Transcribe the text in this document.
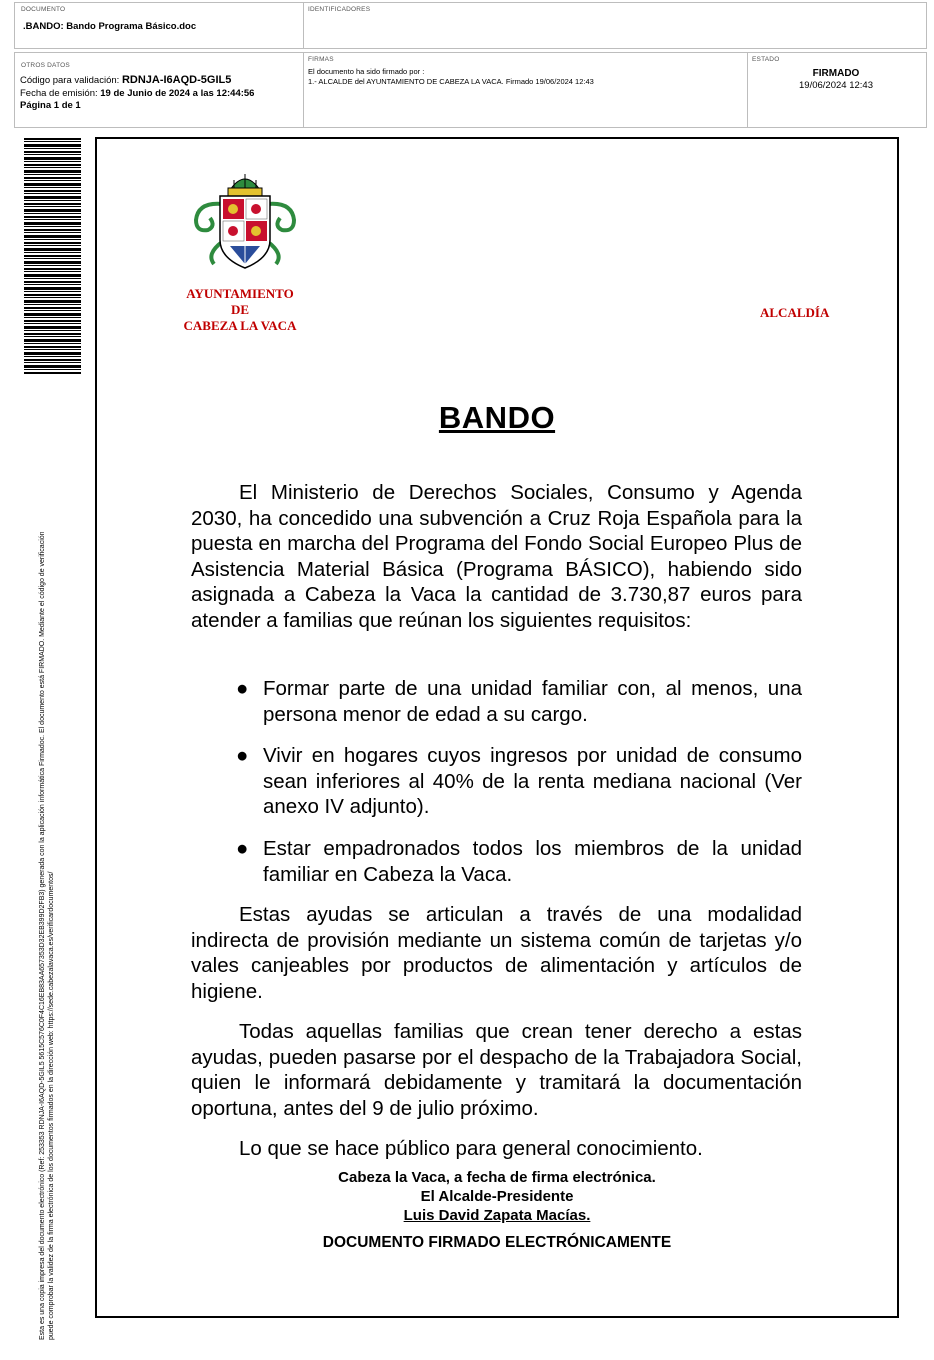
DOCUMENTO
.BANDO: Bando Programa Básico.doc
IDENTIFICADORES
OTROS DATOS
Código para validación: RDNJA-I6AQD-5GIL5
Fecha de emisión: 19 de Junio de 2024 a las 12:44:56
Página 1 de 1
FIRMAS
El documento ha sido firmado por :
1.- ALCALDE del AYUNTAMIENTO DE CABEZA LA VACA. Firmado 19/06/2024 12:43
ESTADO
FIRMADO
19/06/2024 12:43
Esta es una copia impresa del documento electrónico (Ref: 253353 RDNJA-I6AQD-5GIL5 5615C576C0F4C16EB83AA657353D32EB399D2FB3) generada con la aplicación informática Firmadoc. El documento está FIRMADO. Mediante el código de verificación puede comprobar la validez de la firma electrónica de los documentos firmados en la dirección web: https://sede.cabezalavaca.es/verificardocumentos/
AYUNTAMIENTO
DE
CABEZA LA VACA
ALCALDÍA
BANDO
El Ministerio de Derechos Sociales, Consumo y Agenda 2030, ha concedido una subvención a Cruz Roja Española para la puesta en marcha del Programa del Fondo Social Europeo Plus de Asistencia Material Básica (Programa BÁSICO), habiendo sido asignada a Cabeza la Vaca la cantidad de 3.730,87 euros para atender a familias que reúnan los siguientes requisitos:
● Formar parte de una unidad familiar con, al menos, una persona menor de edad a su cargo.
● Vivir en hogares cuyos ingresos por unidad de consumo sean inferiores al 40% de la renta mediana nacional (Ver anexo IV adjunto).
● Estar empadronados todos los miembros de la unidad familiar en Cabeza la Vaca.
Estas ayudas se articulan a través de una modalidad indirecta de provisión mediante un sistema común de tarjetas y/o vales canjeables por productos de alimentación y artículos de higiene.
Todas aquellas familias que crean tener derecho a estas ayudas, pueden pasarse por el despacho de la Trabajadora Social, quien le informará debidamente y tramitará la documentación oportuna, antes del 9 de julio próximo.
Lo que se hace público para general conocimiento.
Cabeza la Vaca, a fecha de firma electrónica.
El Alcalde-Presidente
Luis David Zapata Macías.
DOCUMENTO FIRMADO ELECTRÓNICAMENTE
